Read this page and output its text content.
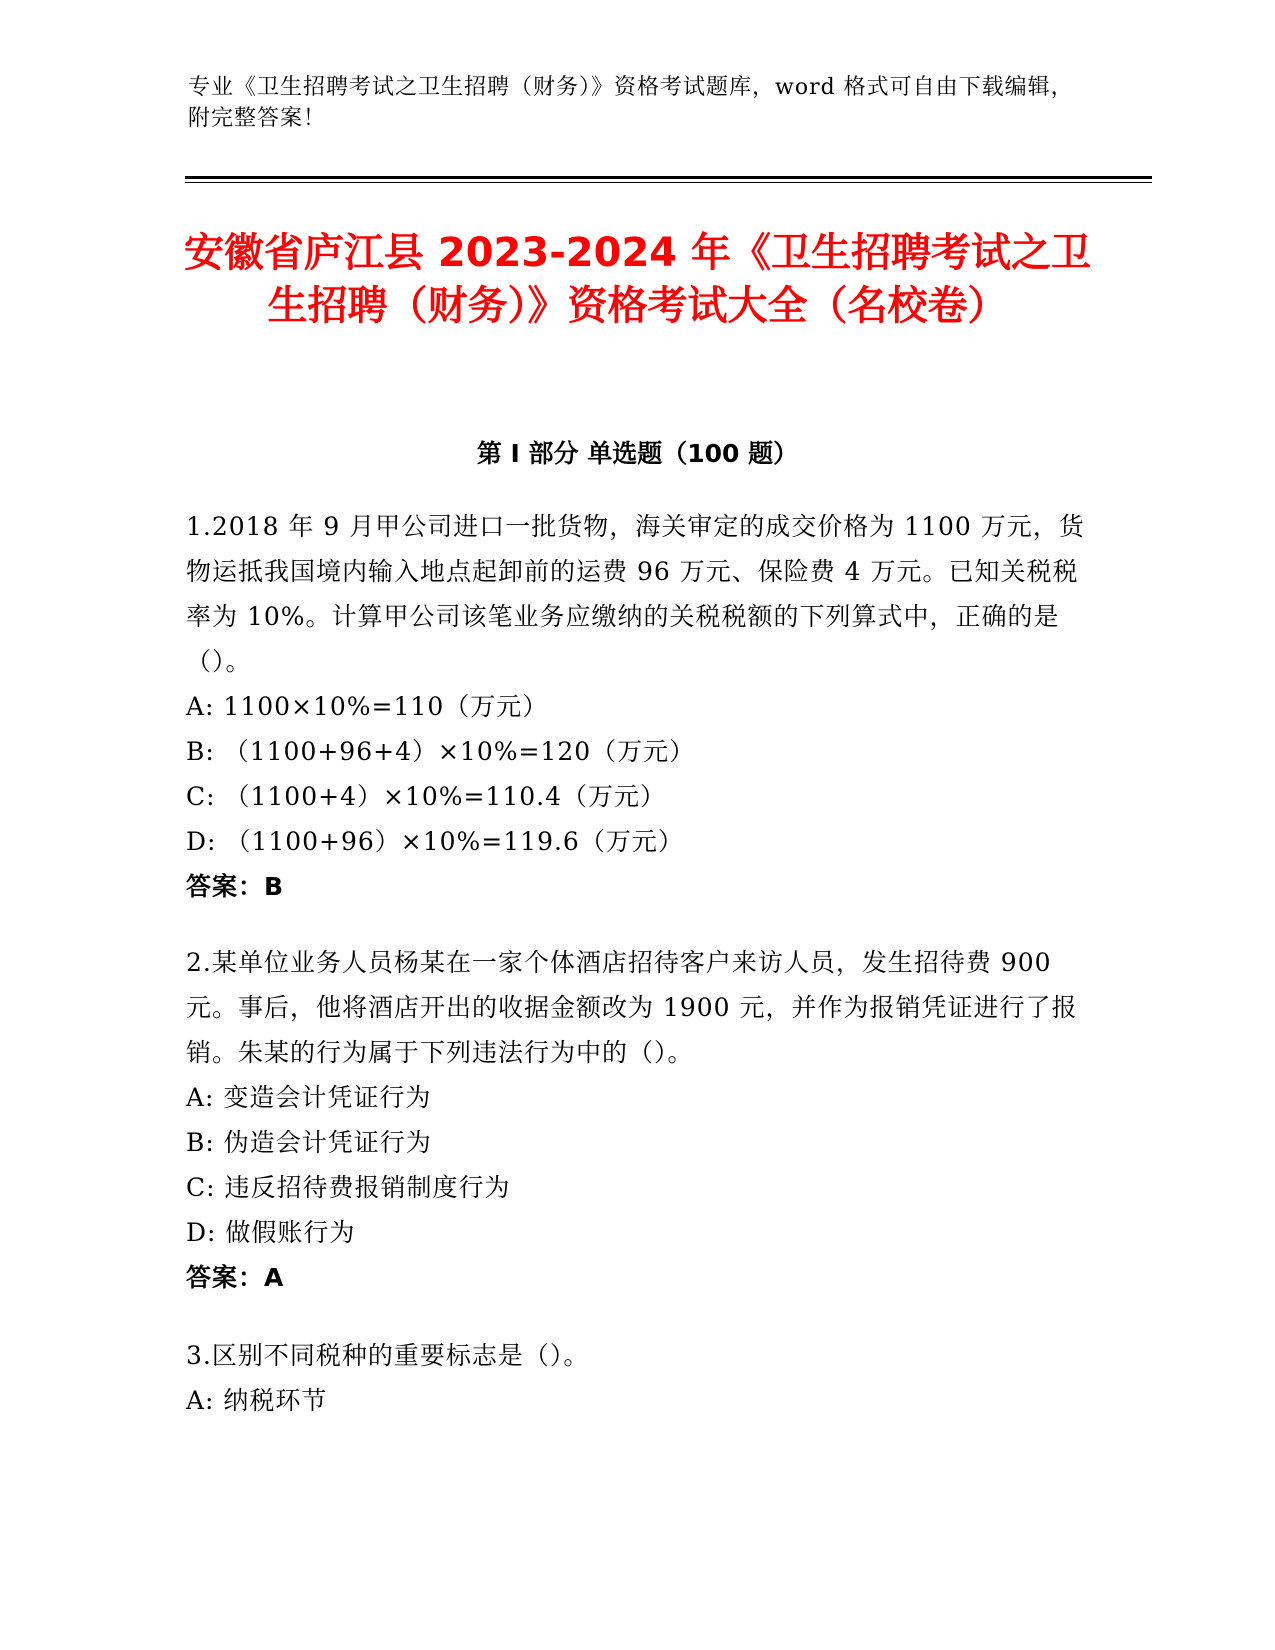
专业《卫生招聘考试之卫生招聘（财务）》资格考试题库，word 格式可自由下载编辑，附完整答案！
安徽省庐江县 2023-2024 年《卫生招聘考试之卫生招聘（财务）》资格考试大全（名校卷）
第 I 部分 单选题（100 题）
1.2018 年 9 月甲公司进口一批货物，海关审定的成交价格为 1100 万元，货物运抵我国境内输入地点起卸前的运费 96 万元、保险费 4 万元。已知关税税率为 10%。计算甲公司该笔业务应缴纳的关税税额的下列算式中，正确的是（）。
A: 1100×10%=110（万元）
B: （1100+96+4）×10%=120（万元）
C: （1100+4）×10%=110.4（万元）
D: （1100+96）×10%=119.6（万元）
答案：B
2.某单位业务人员杨某在一家个体酒店招待客户来访人员，发生招待费 900 元。事后，他将酒店开出的收据金额改为 1900 元，并作为报销凭证进行了报销。朱某的行为属于下列违法行为中的（）。
A: 变造会计凭证行为
B: 伪造会计凭证行为
C: 违反招待费报销制度行为
D: 做假账行为
答案：A
3.区别不同税种的重要标志是（）。
A: 纳税环节
